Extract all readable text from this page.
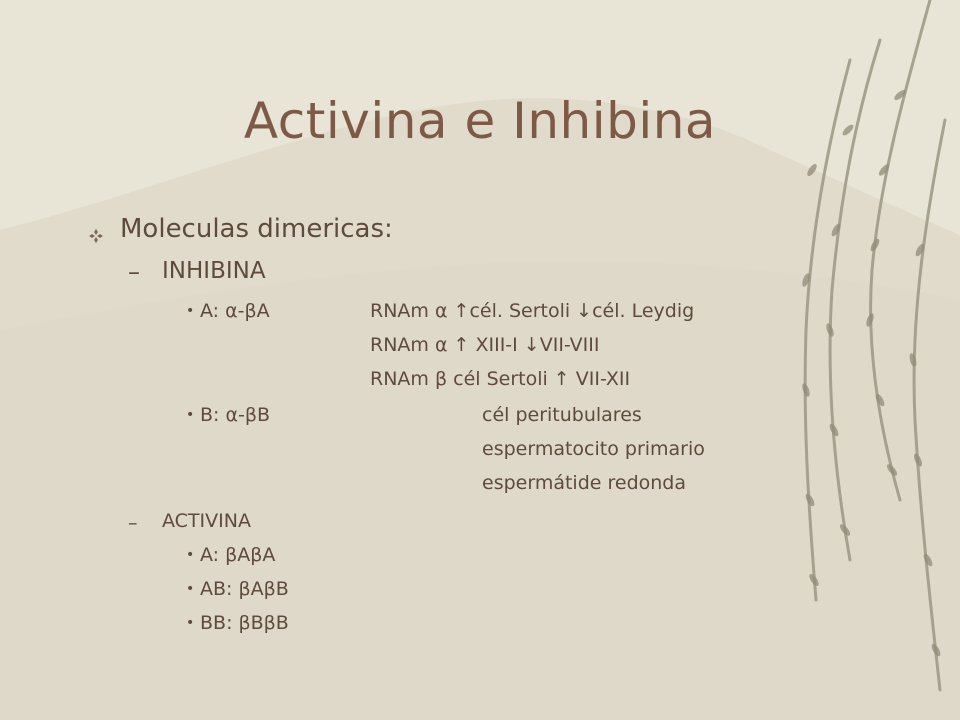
Activina e Inhibina
Moleculas dimericas:
– INHIBINA
• A: α-βA	RNAm α ↑cél. Sertoli ↓cél. Leydig
RNAm α ↑ XIII-I ↓VII-VIII
RNAm β cél Sertoli ↑ VII-XII
• B: α-βB	cél peritubulares
espermatocito primario
espermátide redonda
– ACTIVINA
• A: βAβA
• AB: βAβB
• BB: βBβB
